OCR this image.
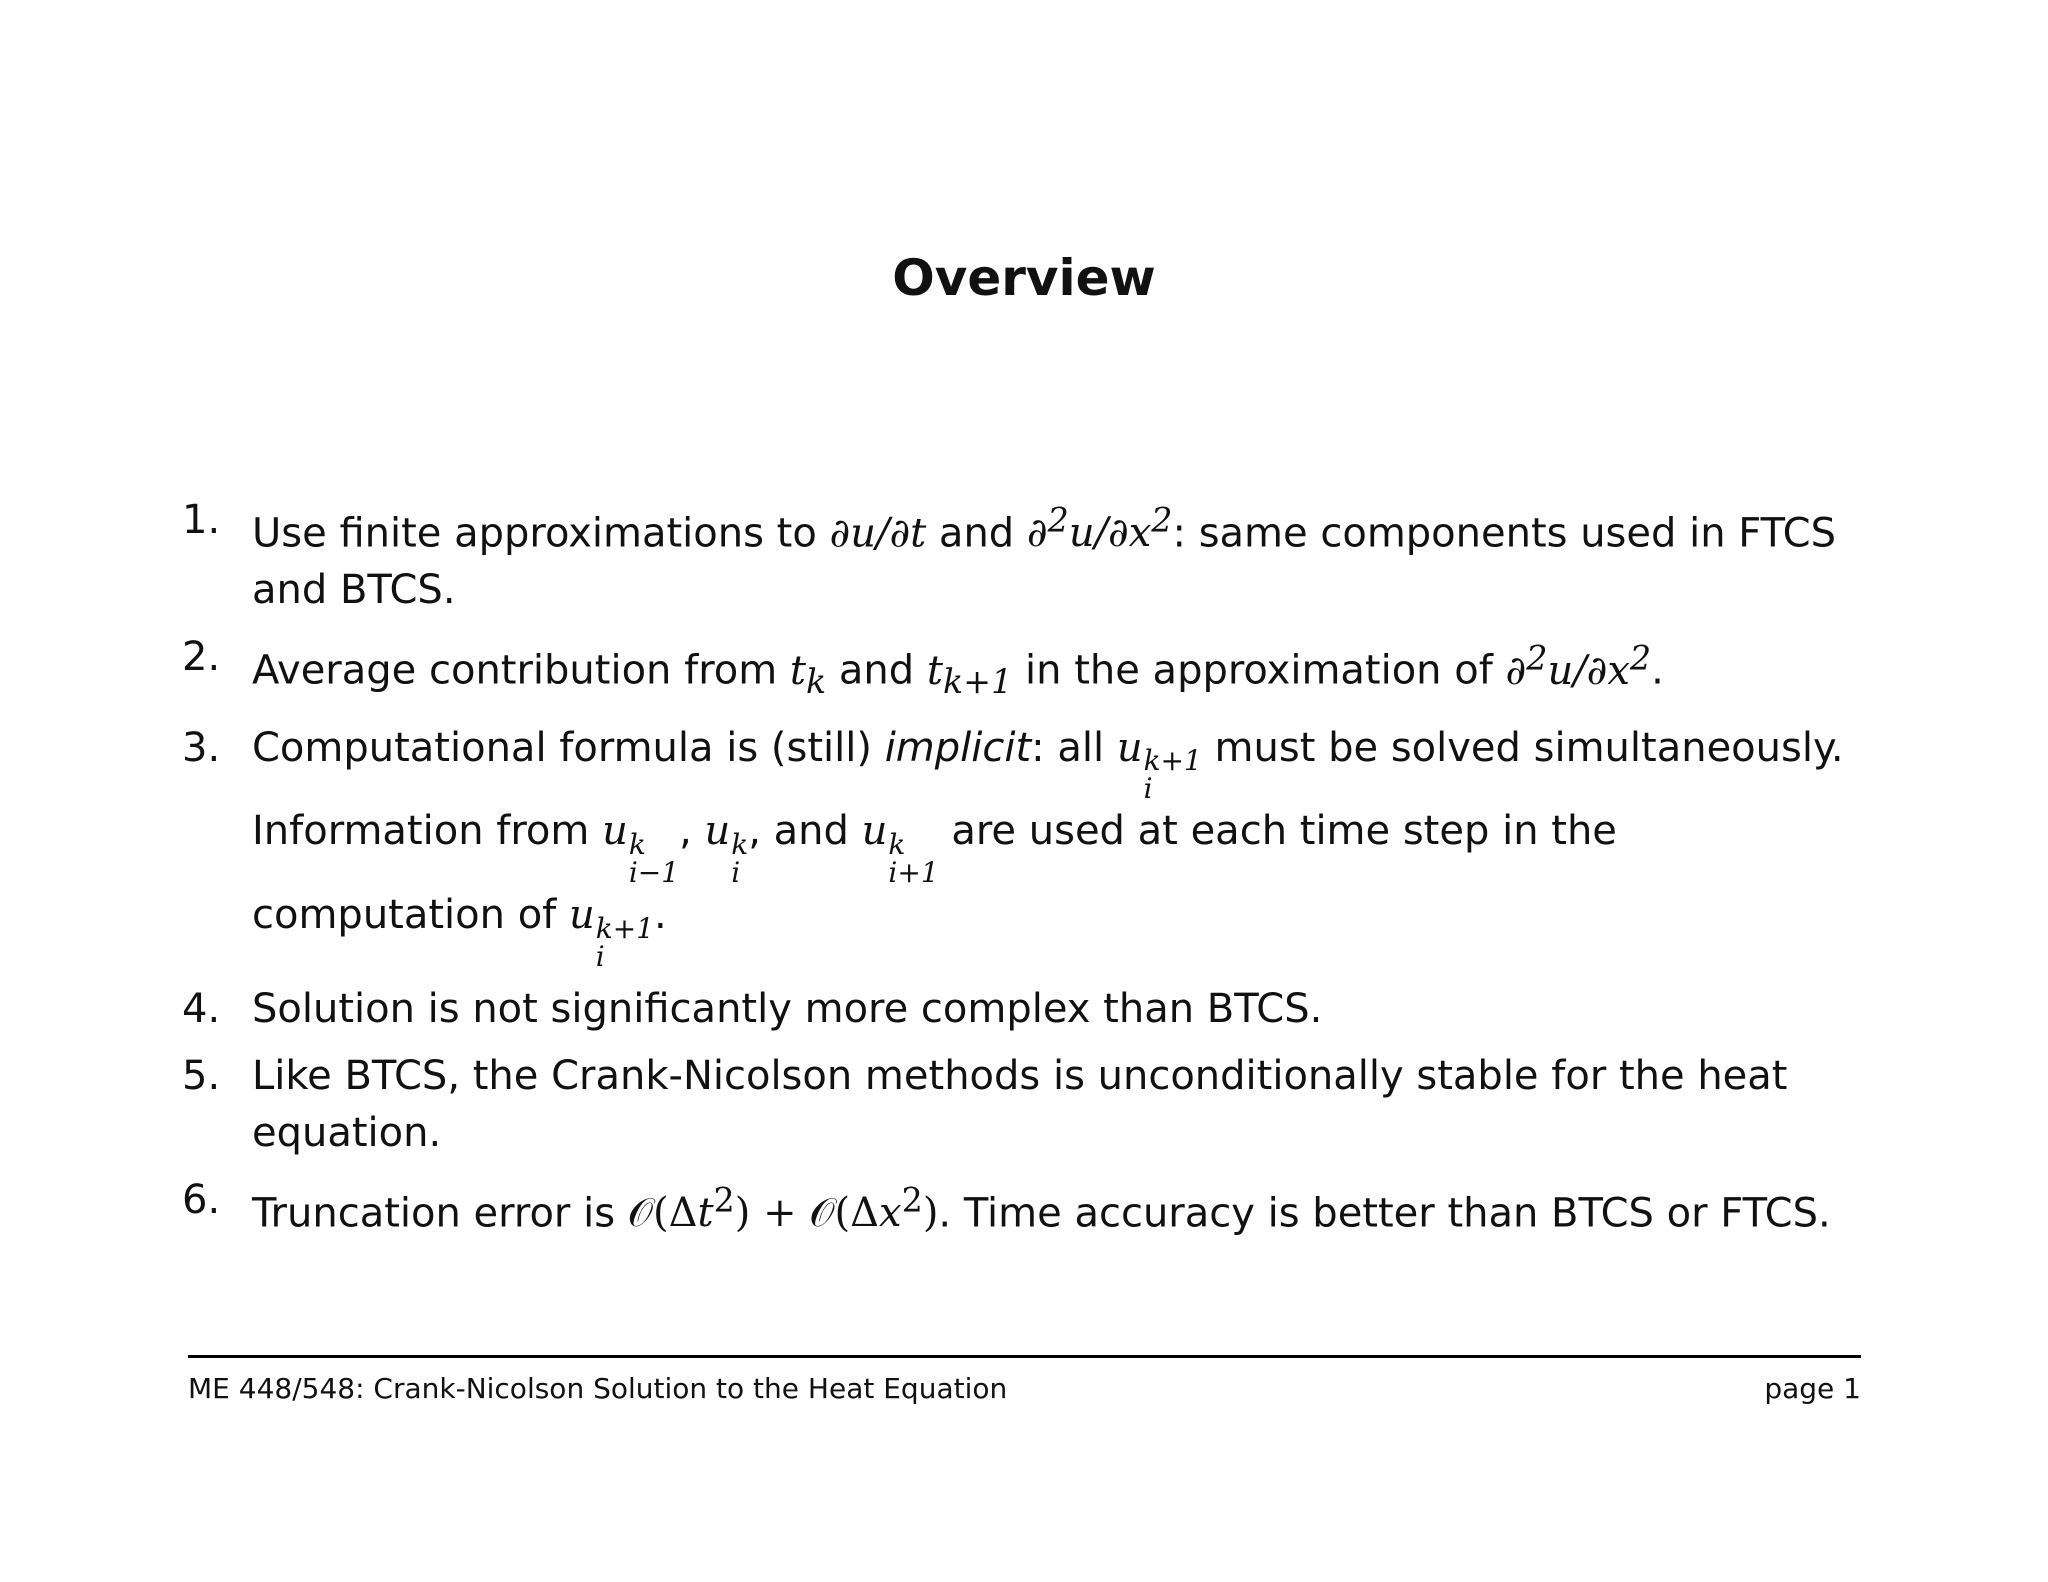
Overview
1. Use finite approximations to ∂u/∂t and $\partial^2u/\partial x^2$: same components used in FTCS and BTCS.
2. Average contribution from $t_k$ and $t_{k+1}$ in the approximation of $\partial^2u/\partial x^2$.
3. Computational formula is (still) implicit: all u k+1
i
must be solved simultaneously. Information from u k
i−1
, u k
i
, and u k
i+1
are used at each time step in the computation of u k+1
i
.
4. Solution is not significantly more complex than BTCS.
5. Like BTCS, the Crank-Nicolson methods is unconditionally stable for the heat equation.
6. Truncation error is $𝒪(\Delta t^2)$ + $𝒪(\Delta x^2)$. Time accuracy is better than BTCS or FTCS.
ME 448/548: Crank-Nicolson Solution to the Heat Equation	page 1
